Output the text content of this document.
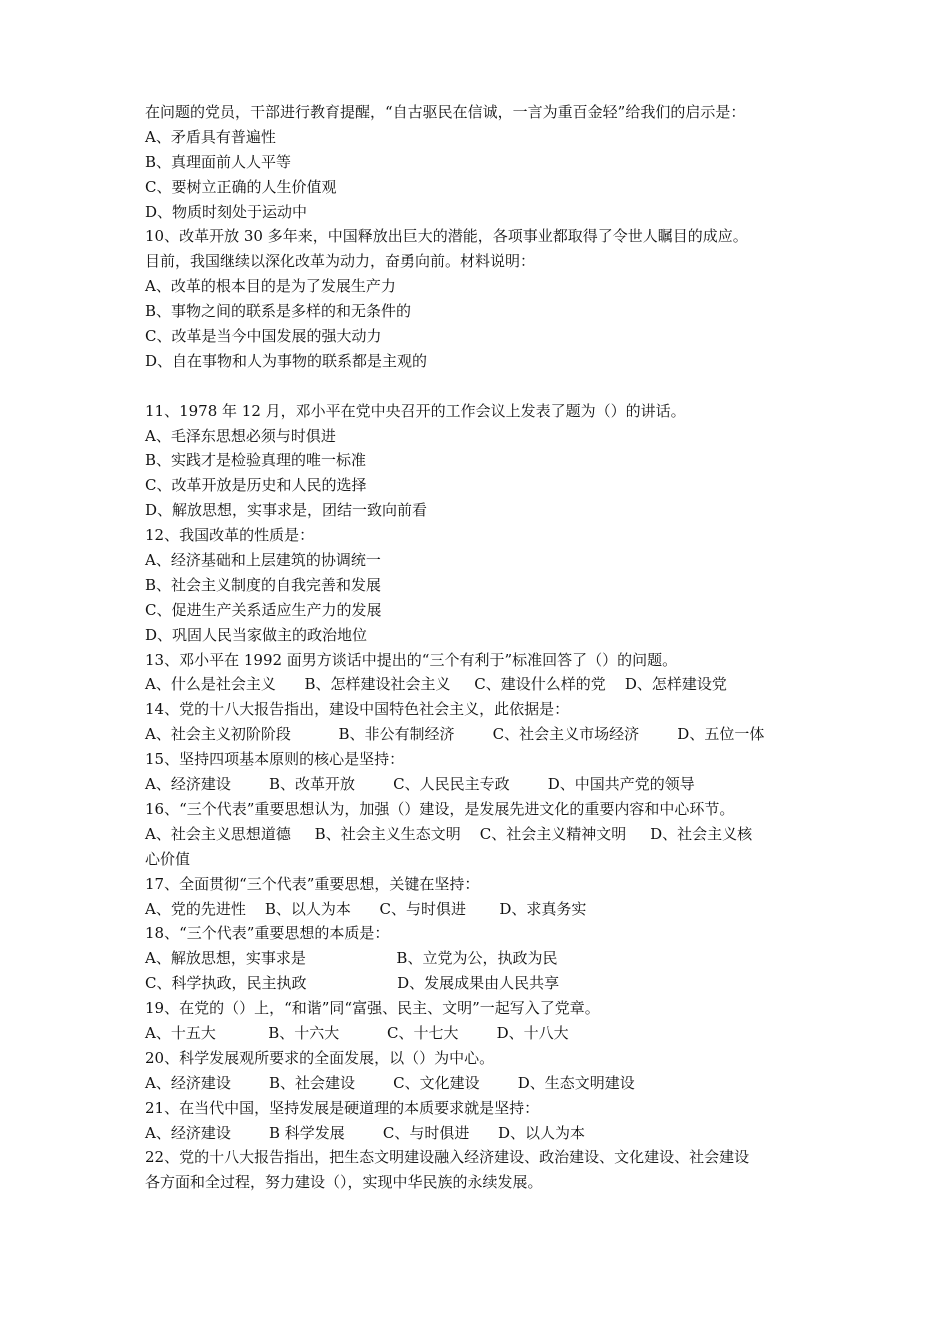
在问题的党员，干部进行教育提醒，“自古驱民在信诚，一言为重百金轻”给我们的启示是：
A、矛盾具有普遍性
B、真理面前人人平等
C、要树立正确的人生价值观
D、物质时刻处于运动中
10、改革开放 30 多年来，中国释放出巨大的潜能，各项事业都取得了令世人瞩目的成应。
目前，我国继续以深化改革为动力，奋勇向前。材料说明：
A、改革的根本目的是为了发展生产力
B、事物之间的联系是多样的和无条件的
C、改革是当今中国发展的强大动力
D、自在事物和人为事物的联系都是主观的
11、1978 年 12 月，邓小平在党中央召开的工作会议上发表了题为（）的讲话。
A、毛泽东思想必须与时俱进
B、实践才是检验真理的唯一标准
C、改革开放是历史和人民的选择
D、解放思想，实事求是，团结一致向前看
12、我国改革的性质是：
A、经济基础和上层建筑的协调统一
B、社会主义制度的自我完善和发展
C、促进生产关系适应生产力的发展
D、巩固人民当家做主的政治地位
13、邓小平在 1992 面男方谈话中提出的“三个有利于”标准回答了（）的问题。
A、什么是社会主义      B、怎样建设社会主义     C、建设什么样的党    D、怎样建设党
14、党的十八大报告指出，建设中国特色社会主义，此依据是：
A、社会主义初阶阶段          B、非公有制经济        C、社会主义市场经济        D、五位一体
15、坚持四项基本原则的核心是坚持：
A、经济建设        B、改革开放        C、人民民主专政        D、中国共产党的领导
16、“三个代表”重要思想认为，加强（）建设，是发展先进文化的重要内容和中心环节。
A、社会主义思想道德     B、社会主义生态文明    C、社会主义精神文明     D、社会主义核
心价值
17、全面贯彻“三个代表”重要思想，关键在坚持：
A、党的先进性    B、以人为本      C、与时俱进       D、求真务实
18、“三个代表”重要思想的本质是：
A、解放思想，实事求是                   B、立党为公，执政为民
C、科学执政，民主执政                   D、发展成果由人民共享
19、在党的（）上，“和谐”同“富强、民主、文明”一起写入了党章。
A、十五大           B、十六大          C、十七大        D、十八大
20、科学发展观所要求的全面发展，以（）为中心。
A、经济建设        B、社会建设        C、文化建设        D、生态文明建设
21、在当代中国，坚持发展是硬道理的本质要求就是坚持：
A、经济建设        B 科学发展        C、与时俱进      D、以人为本
22、党的十八大报告指出，把生态文明建设融入经济建设、政治建设、文化建设、社会建设
各方面和全过程，努力建设（），实现中华民族的永续发展。
